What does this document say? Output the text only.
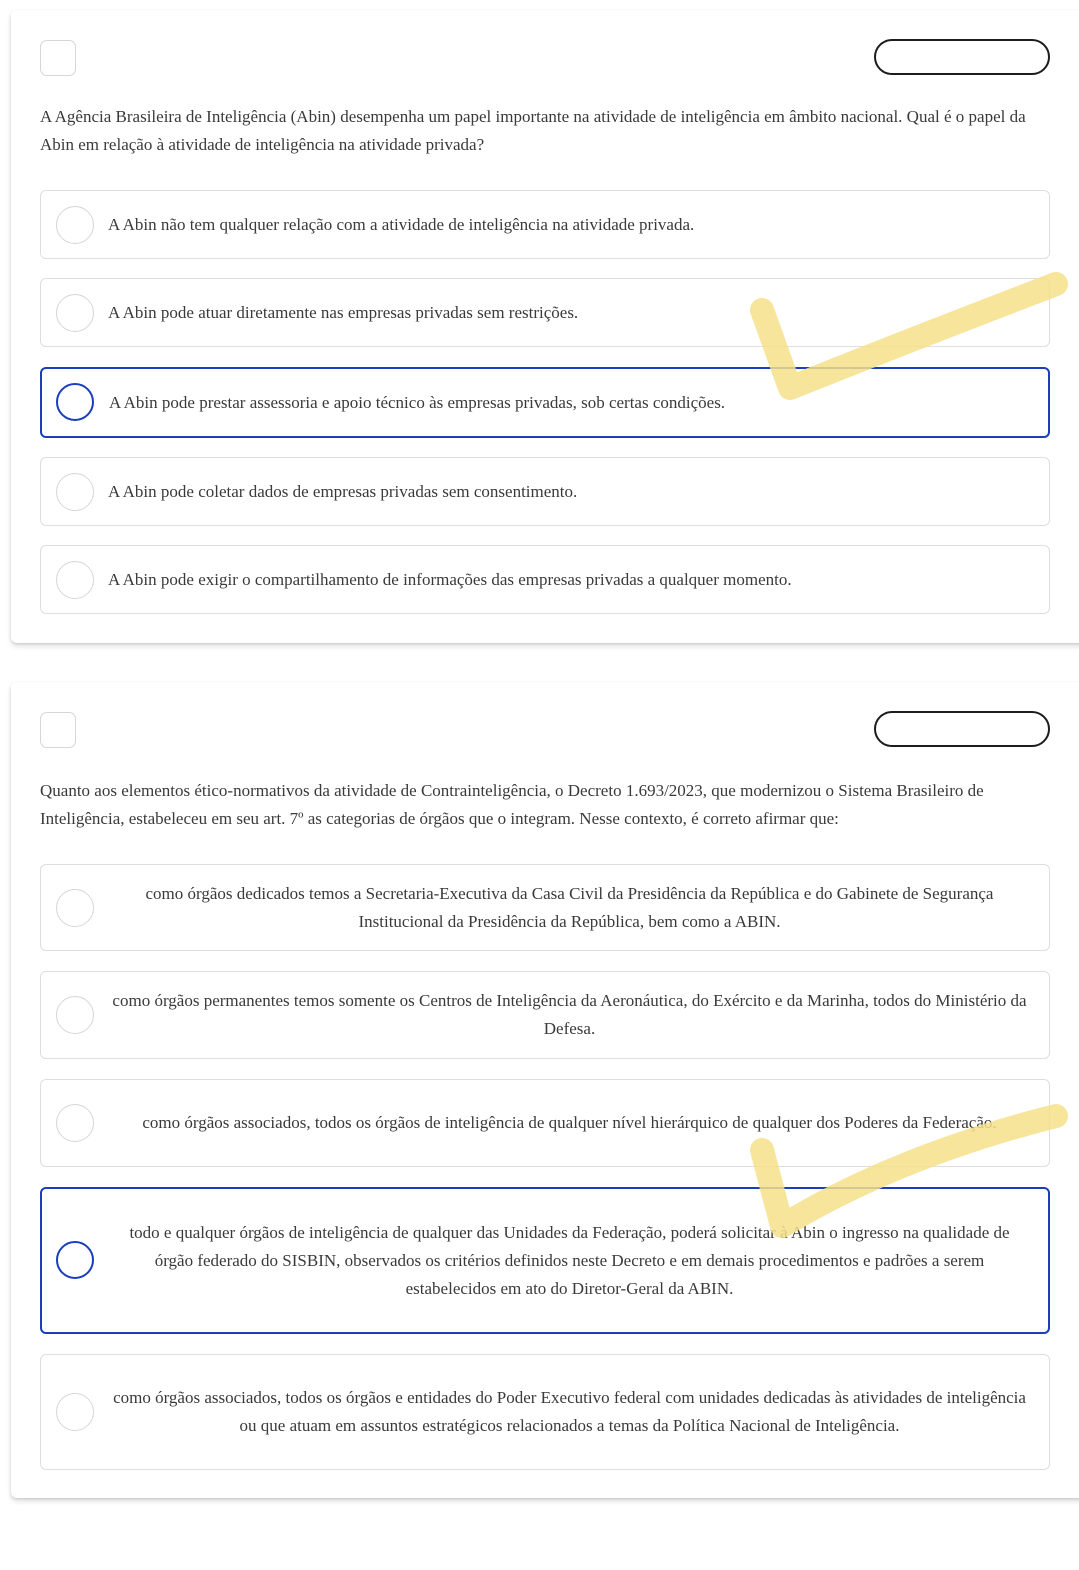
A Agência Brasileira de Inteligência (Abin) desempenha um papel importante na atividade de inteligência em âmbito nacional. Qual é o papel da Abin em relação à atividade de inteligência na atividade privada?

A Abin não tem qualquer relação com a atividade de inteligência na atividade privada.
A Abin pode atuar diretamente nas empresas privadas sem restrições.
A Abin pode prestar assessoria e apoio técnico às empresas privadas, sob certas condições.
A Abin pode coletar dados de empresas privadas sem consentimento.
A Abin pode exigir o compartilhamento de informações das empresas privadas a qualquer momento.

Quanto aos elementos ético-normativos da atividade de Contrainteligência, o Decreto 1.693/2023, que modernizou o Sistema Brasileiro de Inteligência, estabeleceu em seu art. 7º as categorias de órgãos que o integram. Nesse contexto, é correto afirmar que:

como órgãos dedicados temos a Secretaria-Executiva da Casa Civil da Presidência da República e do Gabinete de Segurança Institucional da Presidência da República, bem como a ABIN.
como órgãos permanentes temos somente os Centros de Inteligência da Aeronáutica, do Exército e da Marinha, todos do Ministério da Defesa.
como órgãos associados, todos os órgãos de inteligência de qualquer nível hierárquico de qualquer dos Poderes da Federação.
todo e qualquer órgãos de inteligência de qualquer das Unidades da Federação, poderá solicitar à Abin o ingresso na qualidade de órgão federado do SISBIN, observados os critérios definidos neste Decreto e em demais procedimentos e padrões a serem estabelecidos em ato do Diretor-Geral da ABIN.
como órgãos associados, todos os órgãos e entidades do Poder Executivo federal com unidades dedicadas às atividades de inteligência ou que atuam em assuntos estratégicos relacionados a temas da Política Nacional de Inteligência.
